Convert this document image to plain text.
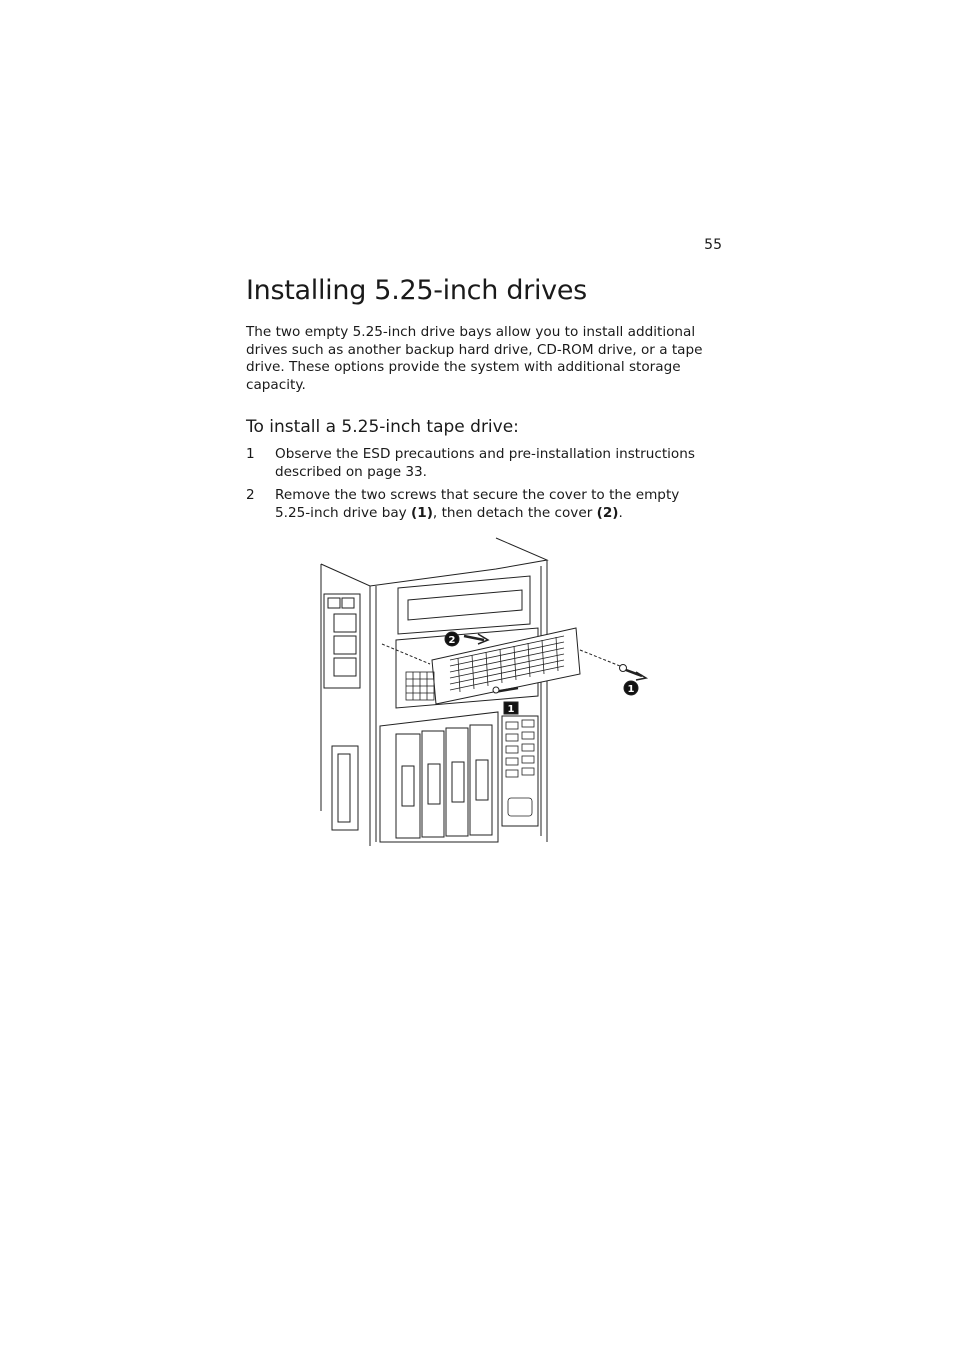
55
Installing 5.25-inch drives

The two empty 5.25-inch drive bays allow you to install additional drives such as another backup hard drive, CD-ROM drive, or a tape drive. These options provide the system with additional storage capacity.

To install a 5.25-inch tape drive:
1 Observe the ESD precautions and pre-installation instructions described on page 33.
2 Remove the two screws that secure the cover to the empty 5.25-inch drive bay (1), then detach the cover (2).
2
1
1
